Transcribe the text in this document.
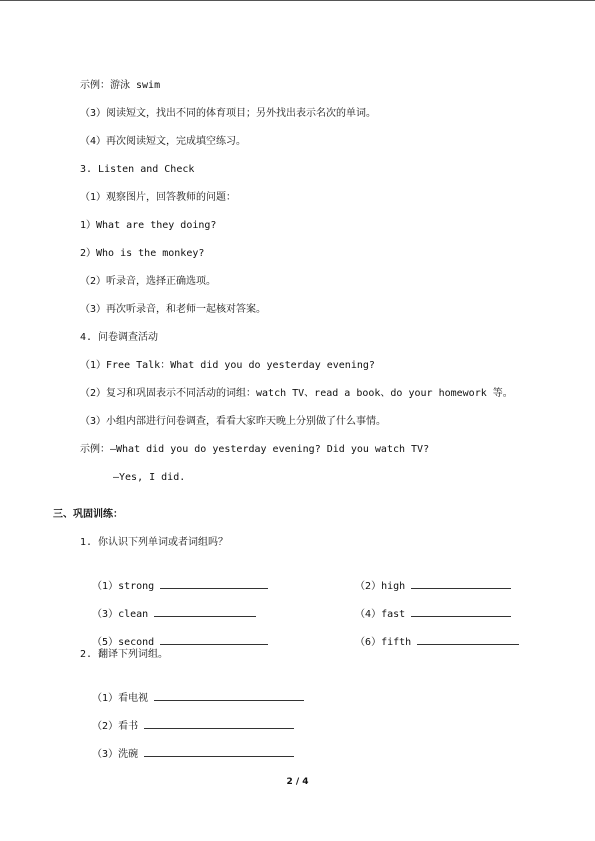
示例：游泳 swim
（3）阅读短文，找出不同的体育项目；另外找出表示名次的单词。
（4）再次阅读短文，完成填空练习。
3. Listen and Check
（1）观察图片，回答教师的问题：
1）What are they doing?
2）Who is the monkey?
（2）听录音，选择正确选项。
（3）再次听录音，和老师一起核对答案。
4. 问卷调查活动
（1）Free Talk：What did you do yesterday evening?
（2）复习和巩固表示不同活动的词组：watch TV、read a book、do your homework 等。
（3）小组内部进行问卷调查，看看大家昨天晚上分别做了什么事情。
示例：—What did you do yesterday evening? Did you watch TV?
—Yes, I did.
三、巩固训练：
1. 你认识下列单词或者词组吗？

（1）strong	（2）high

（3）clean	（4）fast

（5）second	（6）fifth

2. 翻译下列词组。

（1）看电视

（2）看书

（3）洗碗

2 / 4
